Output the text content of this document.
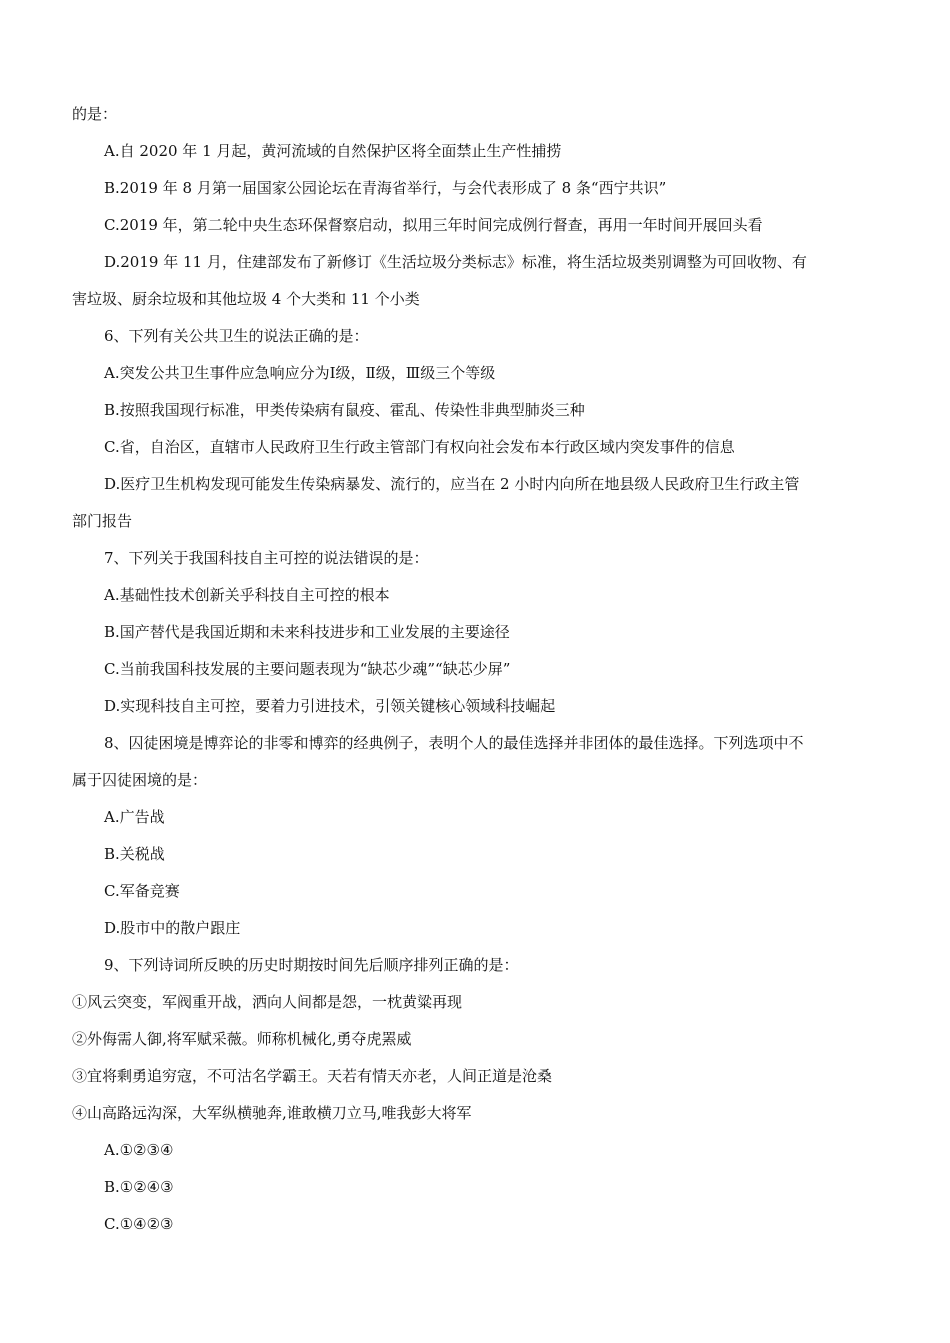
的是：
A.自 2020 年 1 月起，黄河流域的自然保护区将全面禁止生产性捕捞
B.2019 年 8 月第一届国家公园论坛在青海省举行，与会代表形成了 8 条“西宁共识”
C.2019 年，第二轮中央生态环保督察启动，拟用三年时间完成例行督查，再用一年时间开展回头看
D.2019 年 11 月，住建部发布了新修订《生活垃圾分类标志》标准，将生活垃圾类别调整为可回收物、有
害垃圾、厨余垃圾和其他垃圾 4 个大类和 11 个小类
6、下列有关公共卫生的说法正确的是：
A.突发公共卫生事件应急响应分为Ⅰ级，Ⅱ级，Ⅲ级三个等级
B.按照我国现行标准，甲类传染病有鼠疫、霍乱、传染性非典型肺炎三种
C.省，自治区，直辖市人民政府卫生行政主管部门有权向社会发布本行政区域内突发事件的信息
D.医疗卫生机构发现可能发生传染病暴发、流行的，应当在 2 小时内向所在地县级人民政府卫生行政主管
部门报告
7、下列关于我国科技自主可控的说法错误的是：
A.基础性技术创新关乎科技自主可控的根本
B.国产替代是我国近期和未来科技进步和工业发展的主要途径
C.当前我国科技发展的主要问题表现为“缺芯少魂”“缺芯少屏”
D.实现科技自主可控，要着力引进技术，引领关键核心领域科技崛起
8、囚徒困境是博弈论的非零和博弈的经典例子，表明个人的最佳选择并非团体的最佳选择。下列选项中不
属于囚徒困境的是：
A.广告战
B.关税战
C.军备竞赛
D.股市中的散户跟庄
9、下列诗词所反映的历史时期按时间先后顺序排列正确的是：
①风云突变，军阀重开战，洒向人间都是怨，一枕黄粱再现
②外侮需人御,将军赋采薇。师称机械化,勇夺虎罴威
③宜将剩勇追穷寇，不可沽名学霸王。天若有情天亦老，人间正道是沧桑
④山高路远沟深，大军纵横驰奔,谁敢横刀立马,唯我彭大将军
A.①②③④
B.①②④③
C.①④②③
